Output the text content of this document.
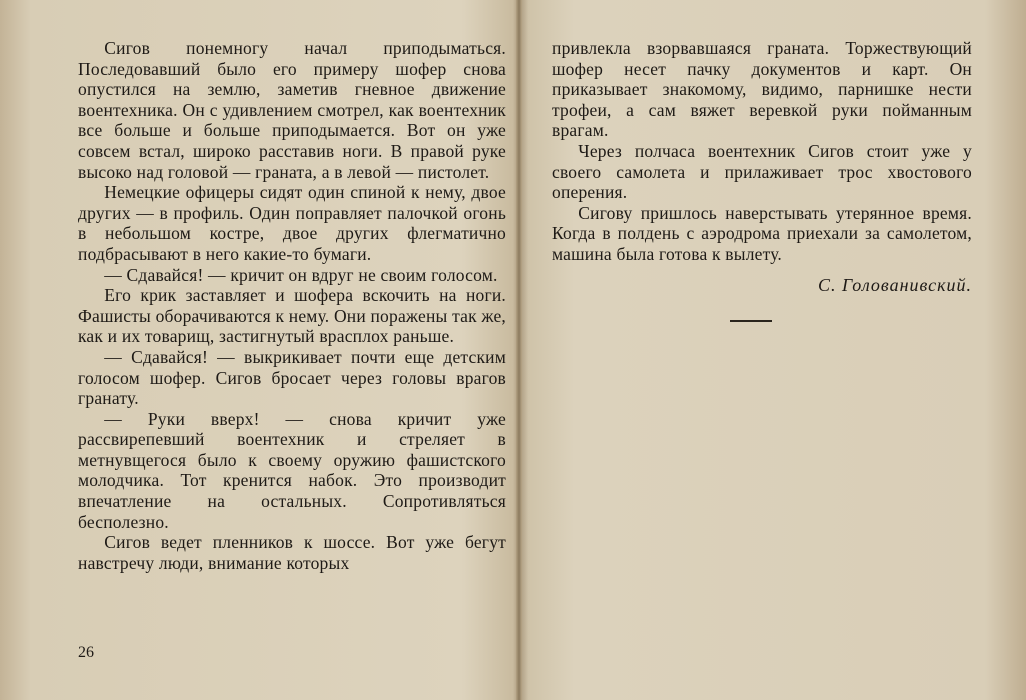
Сигов понемногу начал приподыматься. Последовавший было его примеру шофер снова опустился на землю, заметив гневное движение воентехника. Он с удивлением смотрел, как воентехник все больше и больше приподымается. Вот он уже совсем встал, широко расставив ноги. В правой руке высоко над головой — граната, а в левой — пистолет.

Немецкие офицеры сидят один спиной к нему, двое других — в профиль. Один поправляет палочкой огонь в небольшом костре, двое других флегматично подбрасывают в него какие-то бумаги.

— Сдавайся! — кричит он вдруг не своим голосом.

Его крик заставляет и шофера вскочить на ноги. Фашисты оборачиваются к нему. Они поражены так же, как и их товарищ, застигнутый врасплох раньше.

— Сдавайся! — выкрикивает почти еще детским голосом шофер. Сигов бросает через головы врагов гранату.

— Руки вверх! — снова кричит уже рассвирепевший воентехник и стреляет в метнувщегося было к своему оружию фашистского молодчика. Тот кренится набок. Это производит впечатление на остальных. Сопротивляться бесполезно.

Сигов ведет пленников к шоссе. Вот уже бегут навстречу люди, внимание которых

26

привлекла взорвавшаяся граната. Торжествующий шофер несет пачку документов и карт. Он приказывает знакомому, видимо, парнишке нести трофеи, а сам вяжет веревкой руки пойманным врагам.

Через полчаса воентехник Сигов стоит уже у своего самолета и прилаживает трос хвостового оперения.

Сигову пришлось наверстывать утерянное время. Когда в полдень с аэродрома приехали за самолетом, машина была готова к вылету.

С. Голованивский.
